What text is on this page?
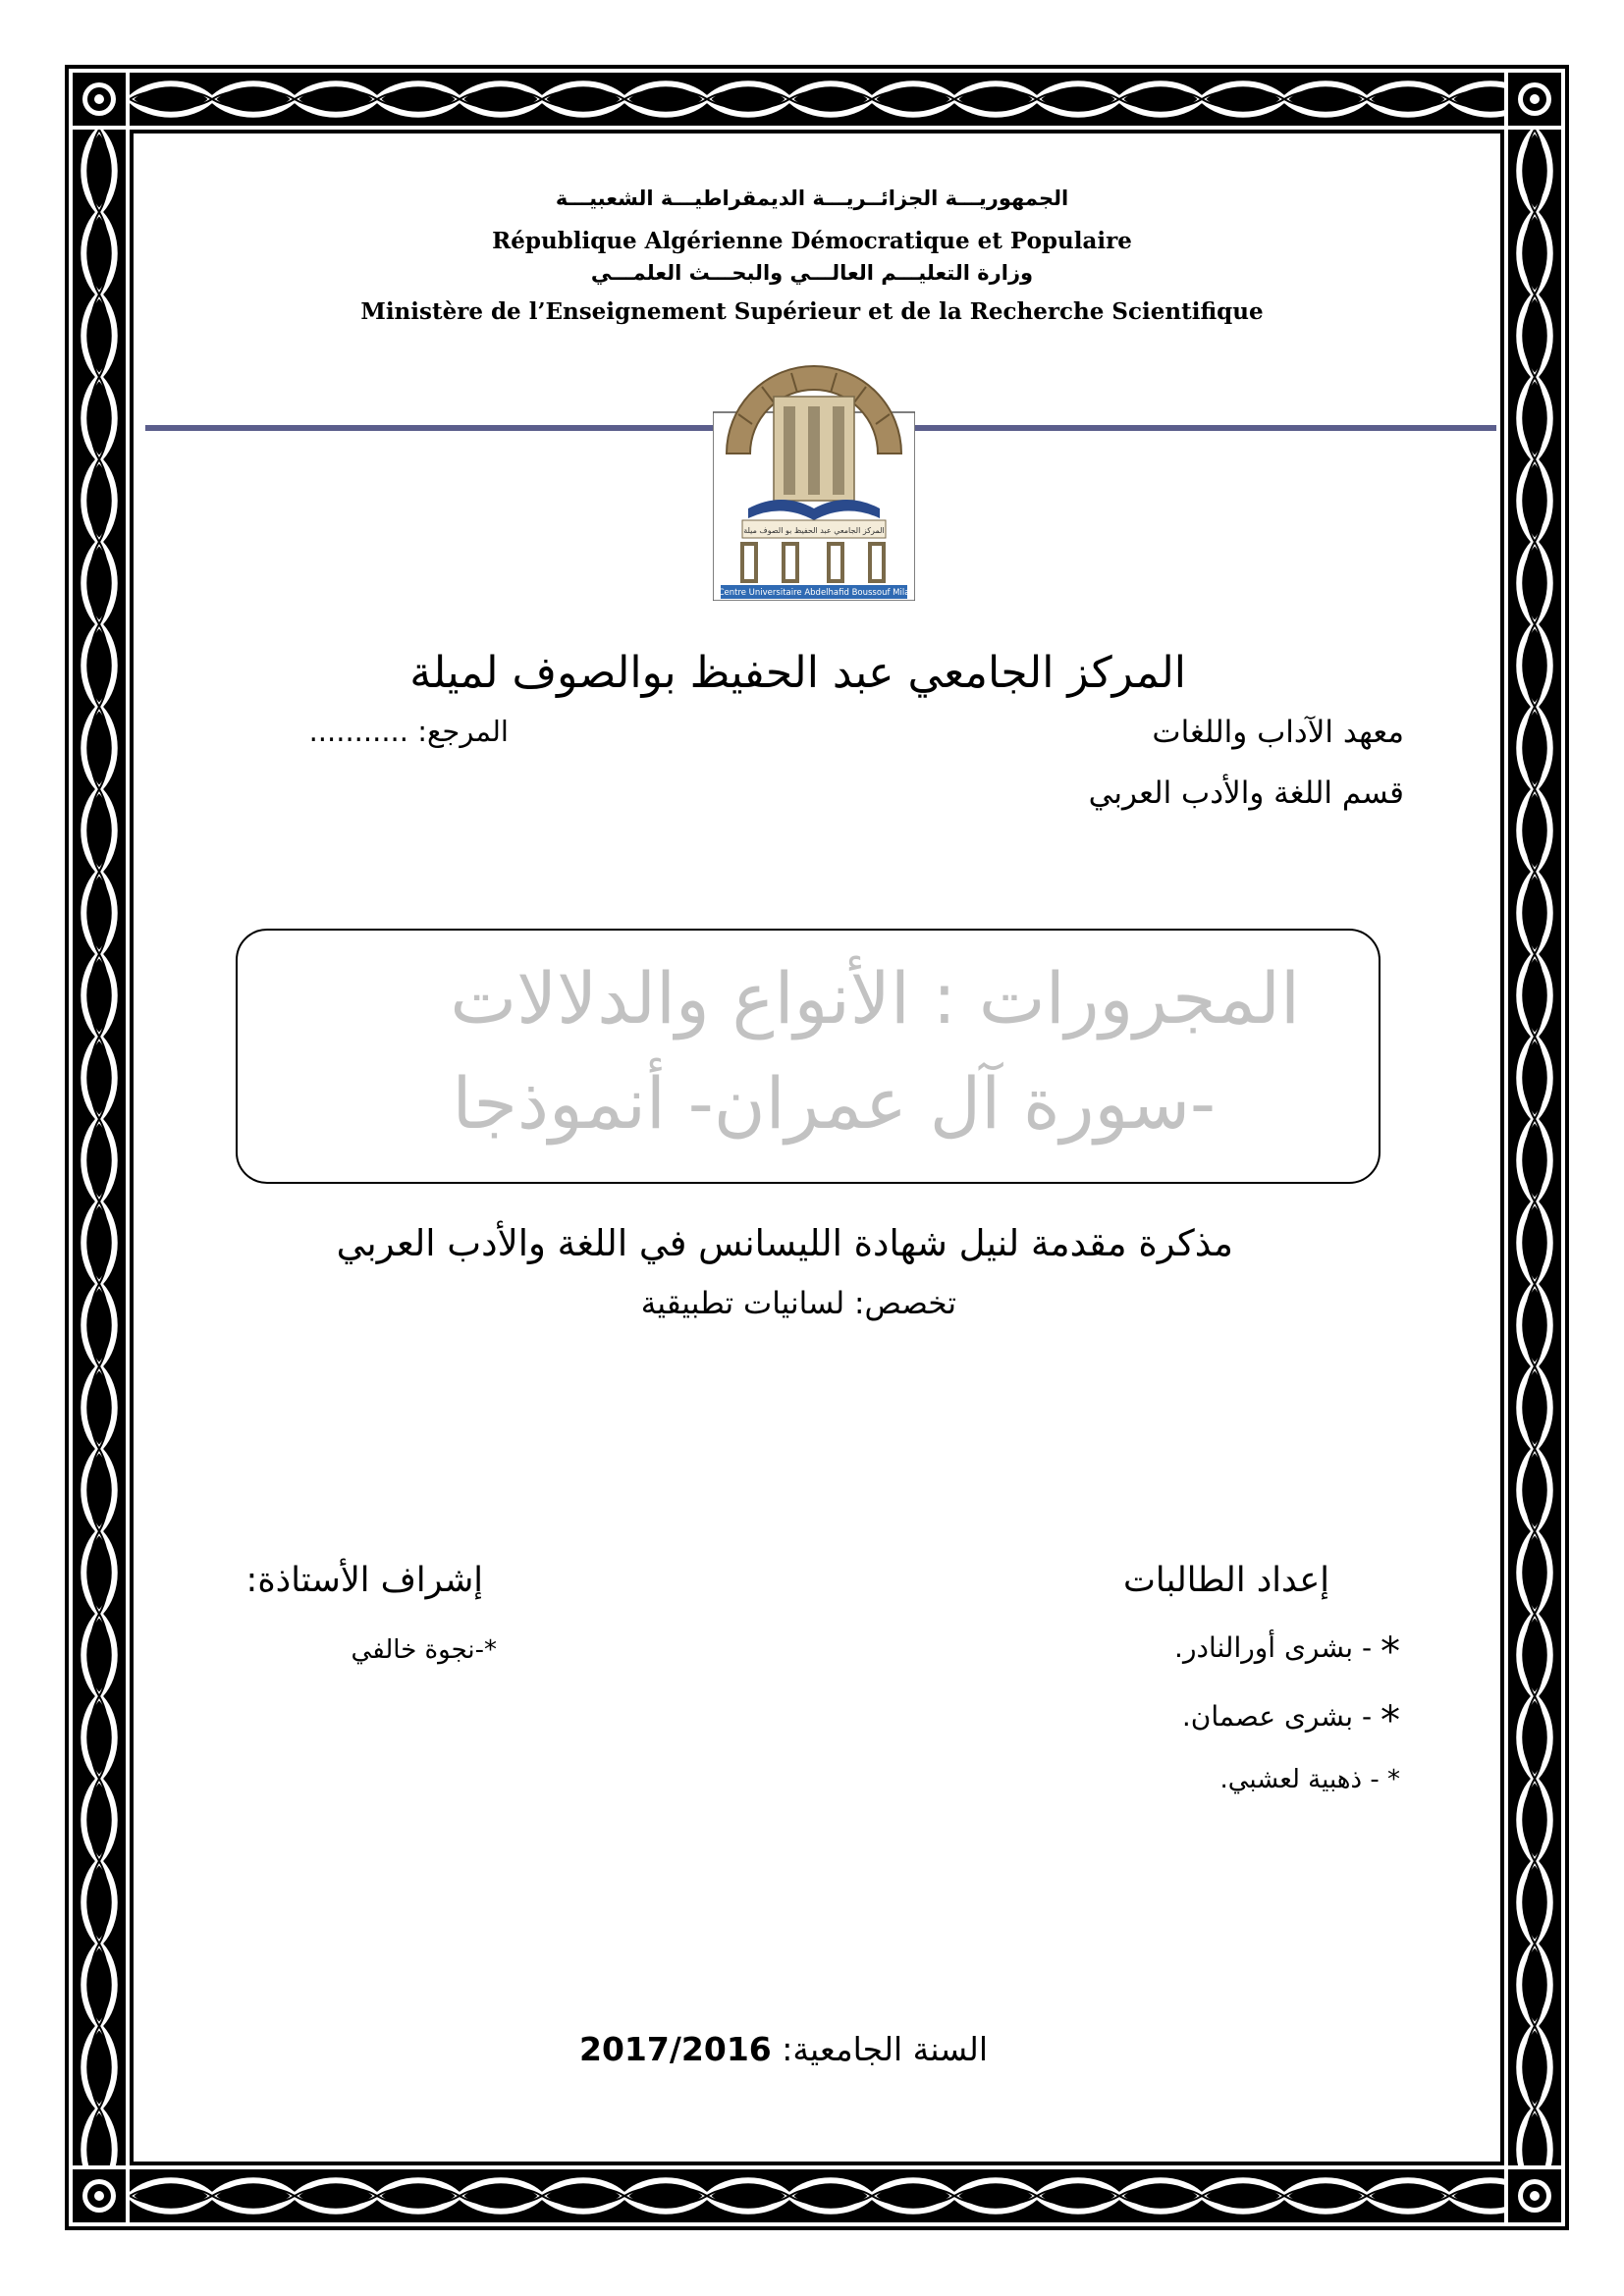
الجمهوريـــة الجزائــريـــة الديمقراطيـــة الشعبيـــة
République Algérienne Démocratique et Populaire
وزارة التعليـــم العالـــي والبحـــث العلمـــي
Ministère de l’Enseignement Supérieur et de la Recherche Scientifique
المركز الجامعي عبد الحفيظ بو الصوف ميلة
Centre Universitaire Abdelhafid Boussouf Mila
المركز الجامعي عبد الحفيظ بوالصوف لميلة
معهد الآداب واللغات
المرجع: ...........
قسم اللغة والأدب العربي
المجرورات : الأنواع والدلالات
-سورة آل عمران- أنموذجا
مذكرة مقدمة لنيل شهادة الليسانس في اللغة والأدب العربي
تخصص: لسانيات تطبيقية
إعداد الطالبات
إشراف الأستاذة:
* - بشرى أورالنادر.
* - بشرى عصمان.
* - ذهبية لعشبي.
*-نجوة خالفي
السنة الجامعية: 2017/2016
